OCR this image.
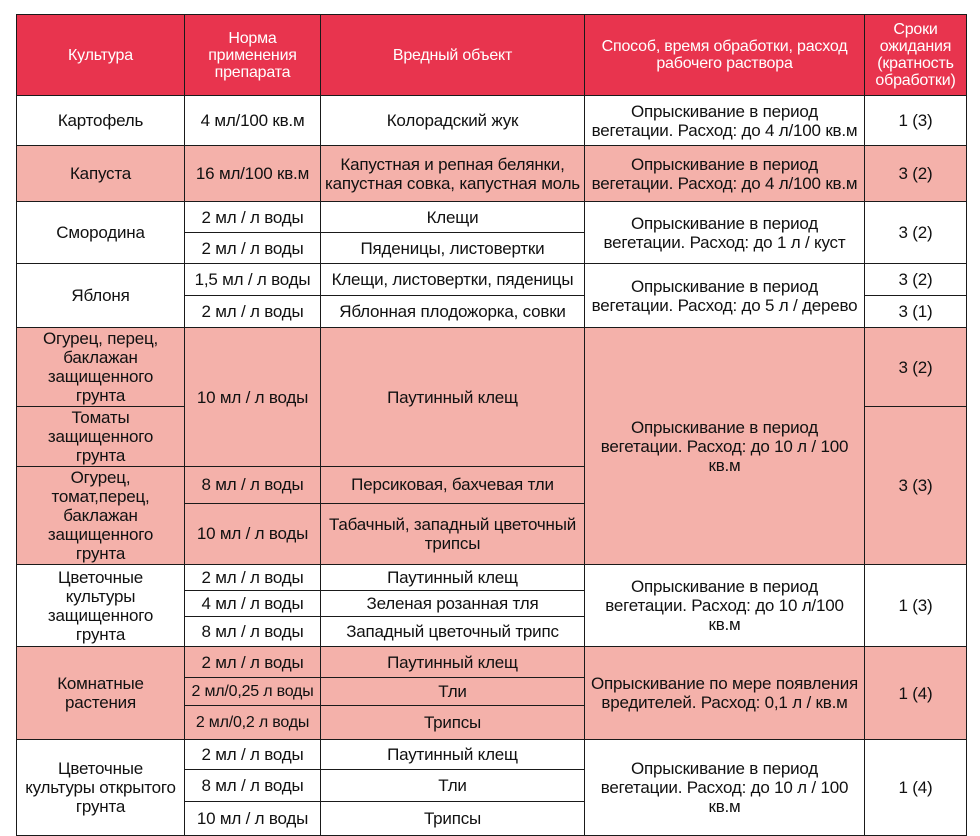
Культура	Норма применения препарата	Вредный объект	Способ, время обработки, расход рабочего раствора	Сроки ожидания (кратность обработки)
Картофель	4 мл/100 кв.м	Колорадский жук	Опрыскивание в период вегетации. Расход: до 4 л/100 кв.м	1 (3)
Капуста	16 мл/100 кв.м	Капустная и репная белянки, капустная совка, капустная моль	Опрыскивание в период вегетации. Расход: до 4 л/100 кв.м	3 (2)
Смородина	2 мл / л воды	Клещи	Опрыскивание в период вегетации. Расход: до 1 л / куст	3 (2)
	2 мл / л воды	Пяденицы, листовертки		
Яблоня	1,5 мл / л воды	Клещи, листовертки, пяденицы	Опрыскивание в период вегетации. Расход: до 5 л / дерево	3 (2)
	2 мл / л воды	Яблонная плодожорка, совки		3 (1)
Огурец, перец, баклажан защищенного грунта	10 мл / л воды	Паутинный клещ	Опрыскивание в период вегетации. Расход: до 10 л / 100 кв.м	3 (2)
Томаты защищенного грунта				3 (3)
Огурец, томат,перец, баклажан защищенного грунта	8 мл / л воды	Персиковая, бахчевая тли		
	10 мл / л воды	Табачный, западный цветочный трипсы		
Цветочные культуры защищенного грунта	2 мл / л воды	Паутинный клещ	Опрыскивание в период вегетации. Расход: до 10 л/100 кв.м	1 (3)
	4 мл / л воды	Зеленая розанная тля		
	8 мл / л воды	Западный цветочный трипс		
Комнатные растения	2 мл / л воды	Паутинный клещ	Опрыскивание по мере появления вредителей. Расход: 0,1 л / кв.м	1 (4)
	2 мл/0,25 л воды	Тли		
	2 мл/0,2 л воды	Трипсы		
Цветочные культуры открытого грунта	2 мл / л воды	Паутинный клещ	Опрыскивание в период вегетации. Расход: до 10 л / 100 кв.м	1 (4)
	8 мл / л воды	Тли		
	10 мл / л воды	Трипсы		
